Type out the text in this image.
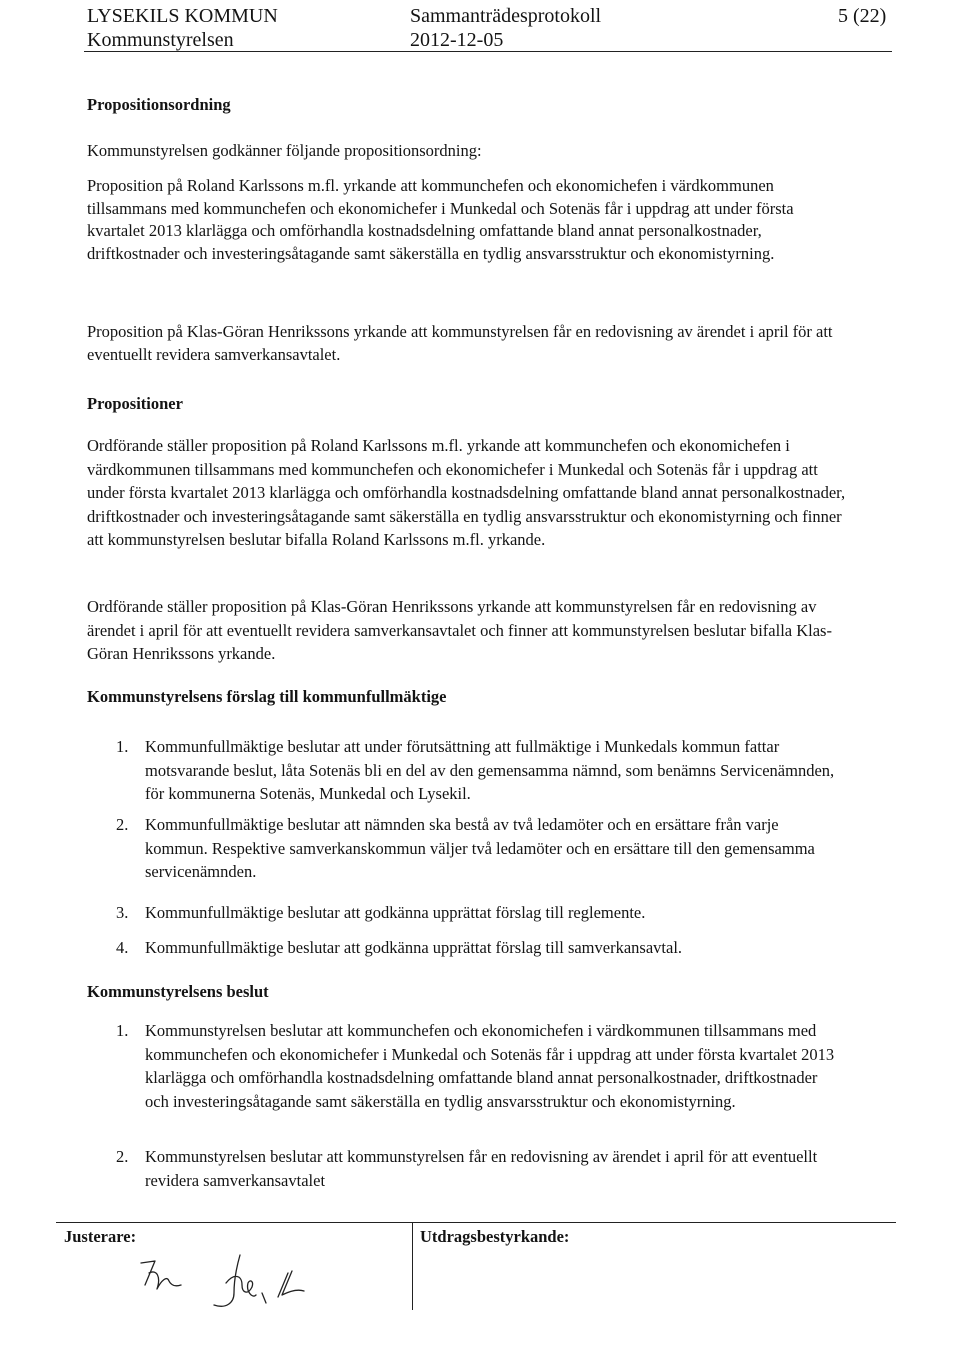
LYSEKILS KOMMUN
Kommunstyrelsen
Sammanträdesprotokoll
2012-12-05
5 (22)
Propositionsordning
Kommunstyrelsen godkänner följande propositionsordning:
Proposition på Roland Karlssons m.fl. yrkande att kommunchefen och ekonomichefen i värdkommunen tillsammans med kommunchefen och ekonomichefer i Munkedal och Sotenäs får i uppdrag att under första kvartalet 2013 klarlägga och omförhandla kostnadsdelning omfattande bland annat personalkostnader, driftkostnader och investeringsåtagande samt säkerställa en tydlig ansvarsstruktur och ekonomistyrning.
Proposition på Klas-Göran Henrikssons yrkande att kommunstyrelsen får en redovisning av ärendet i april för att eventuellt revidera samverkansavtalet.
Propositioner
Ordförande ställer proposition på Roland Karlssons m.fl. yrkande att kommunchefen och ekonomichefen i värdkommunen tillsammans med kommunchefen och ekonomichefer i Munkedal och Sotenäs får i uppdrag att under första kvartalet 2013 klarlägga och omförhandla kostnadsdelning omfattande bland annat personalkostnader, driftkostnader och investeringsåtagande samt säkerställa en tydlig ansvarsstruktur och ekonomistyrning och finner att kommunstyrelsen beslutar bifalla Roland Karlssons m.fl. yrkande.
Ordförande ställer proposition på Klas-Göran Henrikssons yrkande att kommunstyrelsen får en redovisning av ärendet i april för att eventuellt revidera samverkansavtalet och finner att kommunstyrelsen beslutar bifalla Klas-Göran Henrikssons yrkande.
Kommunstyrelsens förslag till kommunfullmäktige
1. Kommunfullmäktige beslutar att under förutsättning att fullmäktige i Munkedals kommun fattar motsvarande beslut, låta Sotenäs bli en del av den gemensamma nämnd, som benämns Servicenämnden, för kommunerna Sotenäs, Munkedal och Lysekil.
2. Kommunfullmäktige beslutar att nämnden ska bestå av två ledamöter och en ersättare från varje kommun. Respektive samverkanskommun väljer två ledamöter och en ersättare till den gemensamma servicenämnden.
3. Kommunfullmäktige beslutar att godkänna upprättat förslag till reglemente.
4. Kommunfullmäktige beslutar att godkänna upprättat förslag till samverkansavtal.
Kommunstyrelsens beslut
1. Kommunstyrelsen beslutar att kommunchefen och ekonomichefen i värdkommunen tillsammans med kommunchefen och ekonomichefer i Munkedal och Sotenäs får i uppdrag att under första kvartalet 2013 klarlägga och omförhandla kostnadsdelning omfattande bland annat personalkostnader, driftkostnader och investeringsåtagande samt säkerställa en tydlig ansvarsstruktur och ekonomistyrning.
2. Kommunstyrelsen beslutar att kommunstyrelsen får en redovisning av ärendet i april för att eventuellt revidera samverkansavtalet
Justerare:	Utdragsbestyrkande:
